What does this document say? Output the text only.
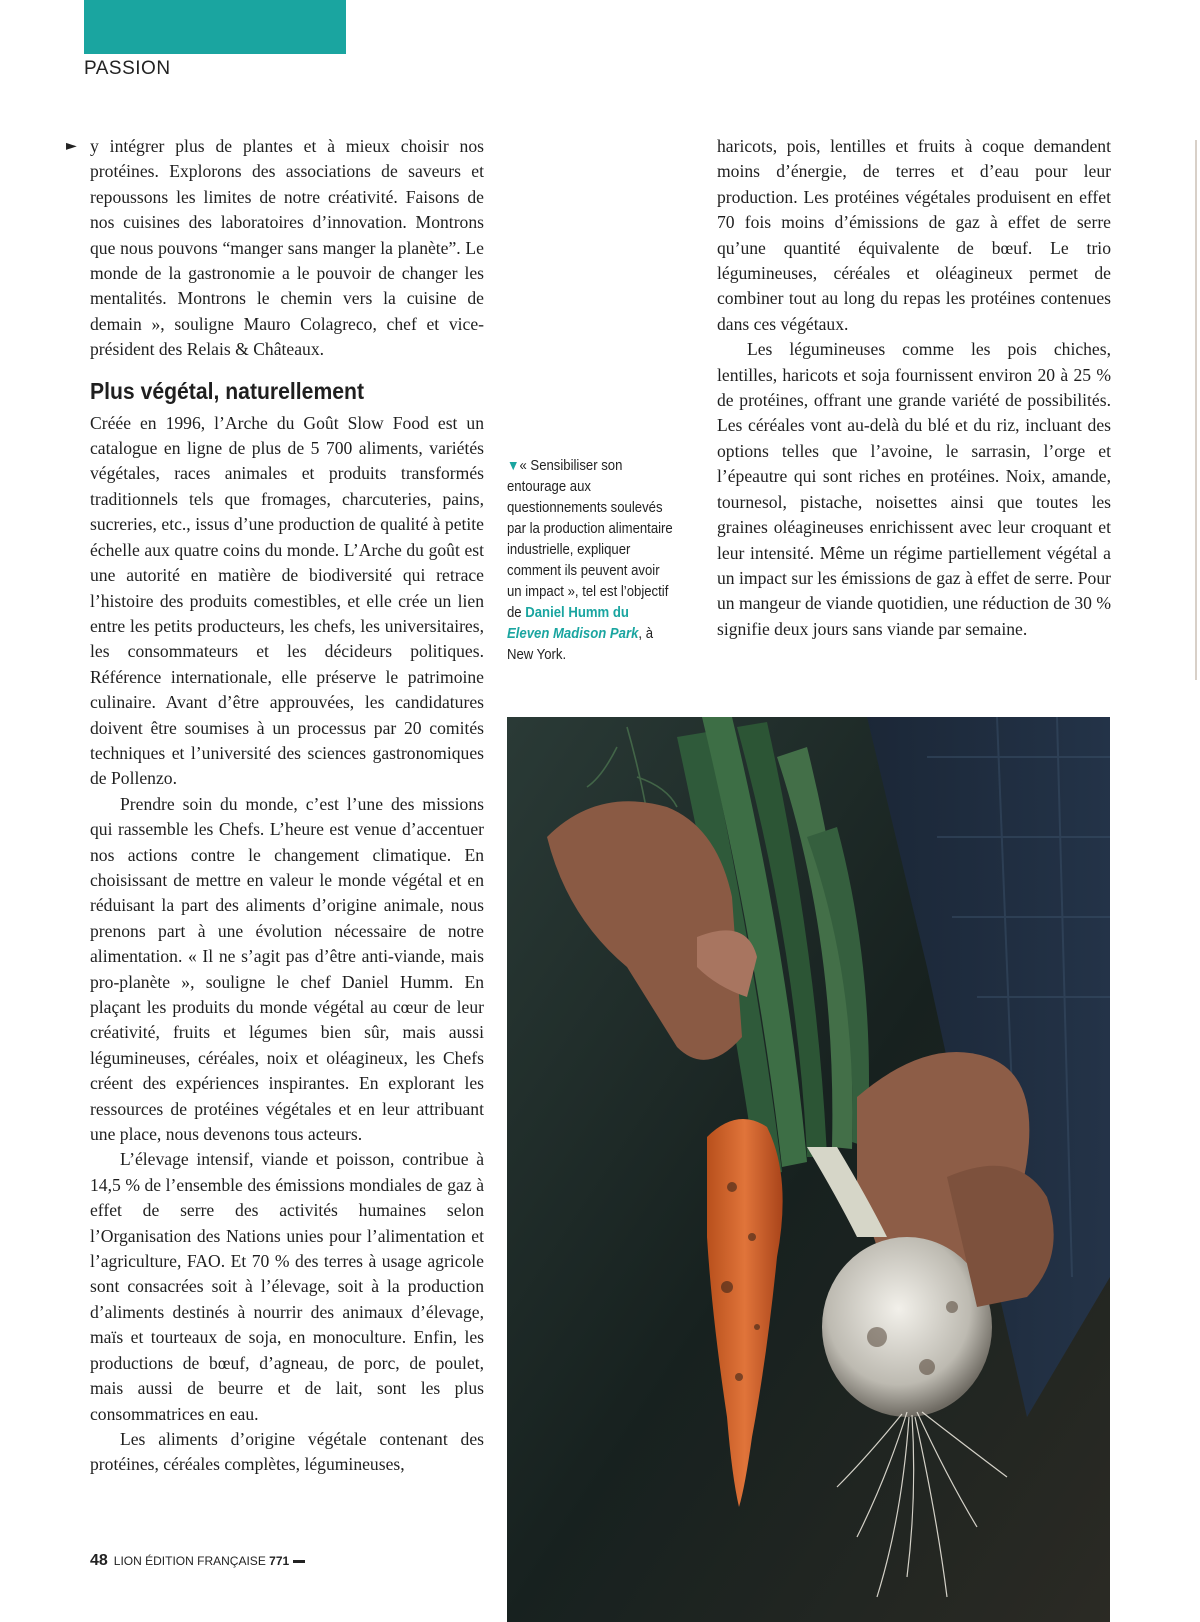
PASSION
► y intégrer plus de plantes et à mieux choisir nos protéines. Explorons des associations de saveurs et repoussons les limites de notre créativité. Faisons de nos cuisines des laboratoires d’innovation. Montrons que nous pouvons “manger sans manger la planète”. Le monde de la gastronomie a le pouvoir de changer les mentalités. Montrons le chemin vers la cuisine de demain », souligne Mauro Colagreco, chef et vice-président des Relais & Châteaux.

Plus végétal, naturellement

Créée en 1996, l’Arche du Goût Slow Food est un catalogue en ligne de plus de 5 700 aliments, variétés végétales, races animales et produits transformés traditionnels tels que fromages, charcuteries, pains, sucreries, etc., issus d’une production de qualité à petite échelle aux quatre coins du monde. L’Arche du goût est une autorité en matière de biodiversité qui retrace l’histoire des produits comestibles, et elle crée un lien entre les petits producteurs, les chefs, les universitaires, les consommateurs et les décideurs politiques. Référence internationale, elle préserve le patrimoine culinaire. Avant d’être approuvées, les candidatures doivent être soumises à un processus par 20 comités techniques et l’université des sciences gastronomiques de Pollenzo.

Prendre soin du monde, c’est l’une des missions qui rassemble les Chefs. L’heure est venue d’accentuer nos actions contre le changement climatique. En choisissant de mettre en valeur le monde végétal et en réduisant la part des aliments d’origine animale, nous prenons part à une évolution nécessaire de notre alimentation. « Il ne s’agit pas d’être anti-viande, mais pro-planète », souligne le chef Daniel Humm. En plaçant les produits du monde végétal au cœur de leur créativité, fruits et légumes bien sûr, mais aussi légumineuses, céréales, noix et oléagineux, les Chefs créent des expériences inspirantes. En explorant les ressources de protéines végétales et en leur attribuant une place, nous devenons tous acteurs.

L’élevage intensif, viande et poisson, contribue à 14,5 % de l’ensemble des émissions mondiales de gaz à effet de serre des activités humaines selon l’Organisation des Nations unies pour l’alimentation et l’agriculture, FAO. Et 70 % des terres à usage agricole sont consacrées soit à l’élevage, soit à la production d’aliments destinés à nourrir des animaux d’élevage, maïs et tourteaux de soja, en monoculture. Enfin, les productions de bœuf, d’agneau, de porc, de poulet, mais aussi de beurre et de lait, sont les plus consommatrices en eau.

Les aliments d’origine végétale contenant des protéines, céréales complètes, légumineuses,

▼« Sensibiliser son entourage aux questionnements soulevés par la production alimentaire industrielle, expliquer comment ils peuvent avoir un impact », tel est l’objectif de Daniel Humm du Eleven Madison Park, à New York.

haricots, pois, lentilles et fruits à coque demandent moins d’énergie, de terres et d’eau pour leur production. Les protéines végétales produisent en effet 70 fois moins d’émissions de gaz à effet de serre qu’une quantité équivalente de bœuf. Le trio légumineuses, céréales et oléagineux permet de combiner tout au long du repas les protéines contenues dans ces végétaux.

Les légumineuses comme les pois chiches, lentilles, haricots et soja fournissent environ 20 à 25 % de protéines, offrant une grande variété de possibilités. Les céréales vont au-delà du blé et du riz, incluant des options telles que l’avoine, le sarrasin, l’orge et l’épeautre qui sont riches en protéines. Noix, amande, tournesol, pistache, noisettes ainsi que toutes les graines oléagineuses enrichissent avec leur croquant et leur intensité. Même un régime partiellement végétal a un impact sur les émissions de gaz à effet de serre. Pour un mangeur de viande quotidien, une réduction de 30 % signifie deux jours sans viande par semaine.

48 LION ÉDITION FRANÇAISE 771
